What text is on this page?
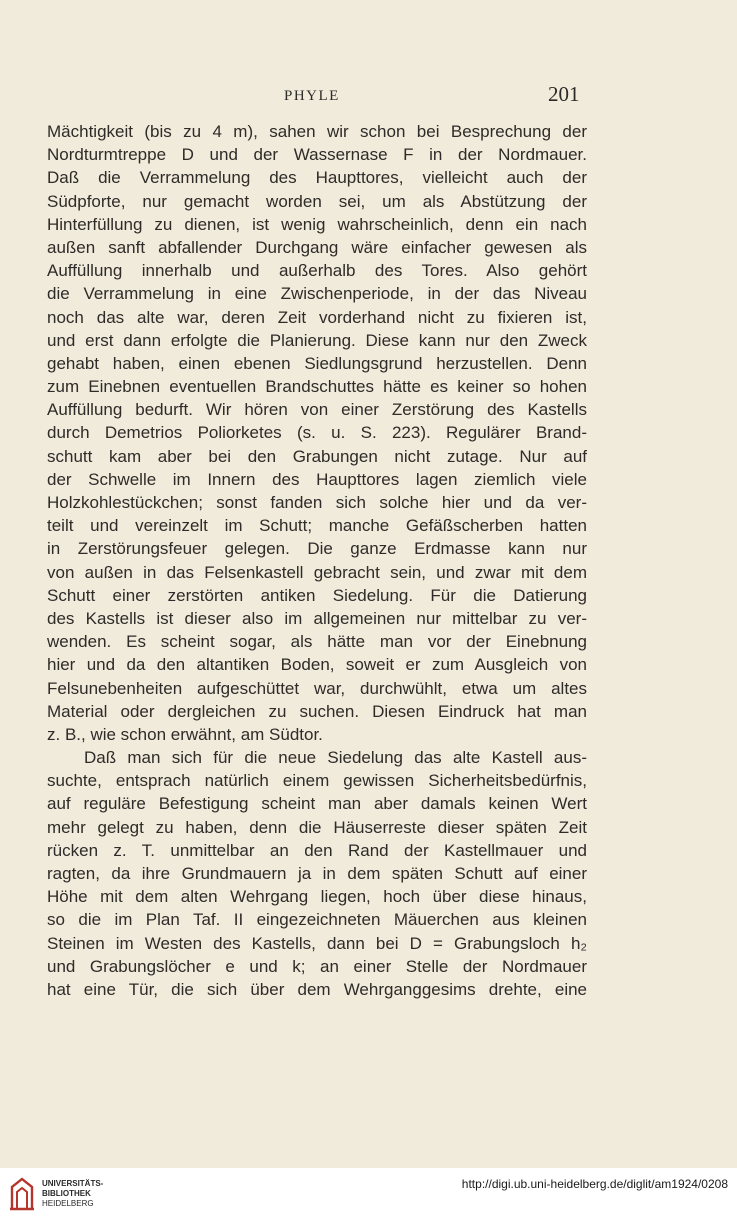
PHYLE	201
Mächtigkeit (bis zu 4 m), sahen wir schon bei Besprechung der
Nordturmtreppe D und der Wassernase F in der Nordmauer.
Daß die Verrammelung des Haupttores, vielleicht auch der
Südpforte, nur gemacht worden sei, um als Abstützung der
Hinterfüllung zu dienen, ist wenig wahrscheinlich, denn ein nach
außen sanft abfallender Durchgang wäre einfacher gewesen als
Auffüllung innerhalb und außerhalb des Tores. Also gehört
die Verrammelung in eine Zwischenperiode, in der das Niveau
noch das alte war, deren Zeit vorderhand nicht zu fixieren ist,
und erst dann erfolgte die Planierung. Diese kann nur den Zweck
gehabt haben, einen ebenen Siedlungsgrund herzustellen. Denn
zum Einebnen eventuellen Brandschuttes hätte es keiner so hohen
Auffüllung bedurft. Wir hören von einer Zerstörung des Kastells
durch Demetrios Poliorketes (s. u. S. 223). Regulärer Brand-
schutt kam aber bei den Grabungen nicht zutage. Nur auf
der Schwelle im Innern des Haupttores lagen ziemlich viele
Holzkohlestückchen; sonst fanden sich solche hier und da ver-
teilt und vereinzelt im Schutt; manche Gefäßscherben hatten
in Zerstörungsfeuer gelegen. Die ganze Erdmasse kann nur
von außen in das Felsenkastell gebracht sein, und zwar mit dem
Schutt einer zerstörten antiken Siedelung. Für die Datierung
des Kastells ist dieser also im allgemeinen nur mittelbar zu ver-
wenden. Es scheint sogar, als hätte man vor der Einebnung
hier und da den altantiken Boden, soweit er zum Ausgleich von
Felsunebenheiten aufgeschüttet war, durchwühlt, etwa um altes
Material oder dergleichen zu suchen. Diesen Eindruck hat man
z. B., wie schon erwähnt, am Südtor.
Daß man sich für die neue Siedelung das alte Kastell aus-
suchte, entsprach natürlich einem gewissen Sicherheitsbedürfnis,
auf reguläre Befestigung scheint man aber damals keinen Wert
mehr gelegt zu haben, denn die Häuserreste dieser späten Zeit
rücken z. T. unmittelbar an den Rand der Kastellmauer und
ragten, da ihre Grundmauern ja in dem späten Schutt auf einer
Höhe mit dem alten Wehrgang liegen, hoch über diese hinaus,
so die im Plan Taf. II eingezeichneten Mäuerchen aus kleinen
Steinen im Westen des Kastells, dann bei D = Grabungsloch h₂
und Grabungslöcher e und k; an einer Stelle der Nordmauer
hat eine Tür, die sich über dem Wehrganggesims drehte, eine
UNIVERSITÄTS-
BIBLIOTHEK
HEIDELBERG
http://digi.ub.uni-heidelberg.de/diglit/am1924/0208
